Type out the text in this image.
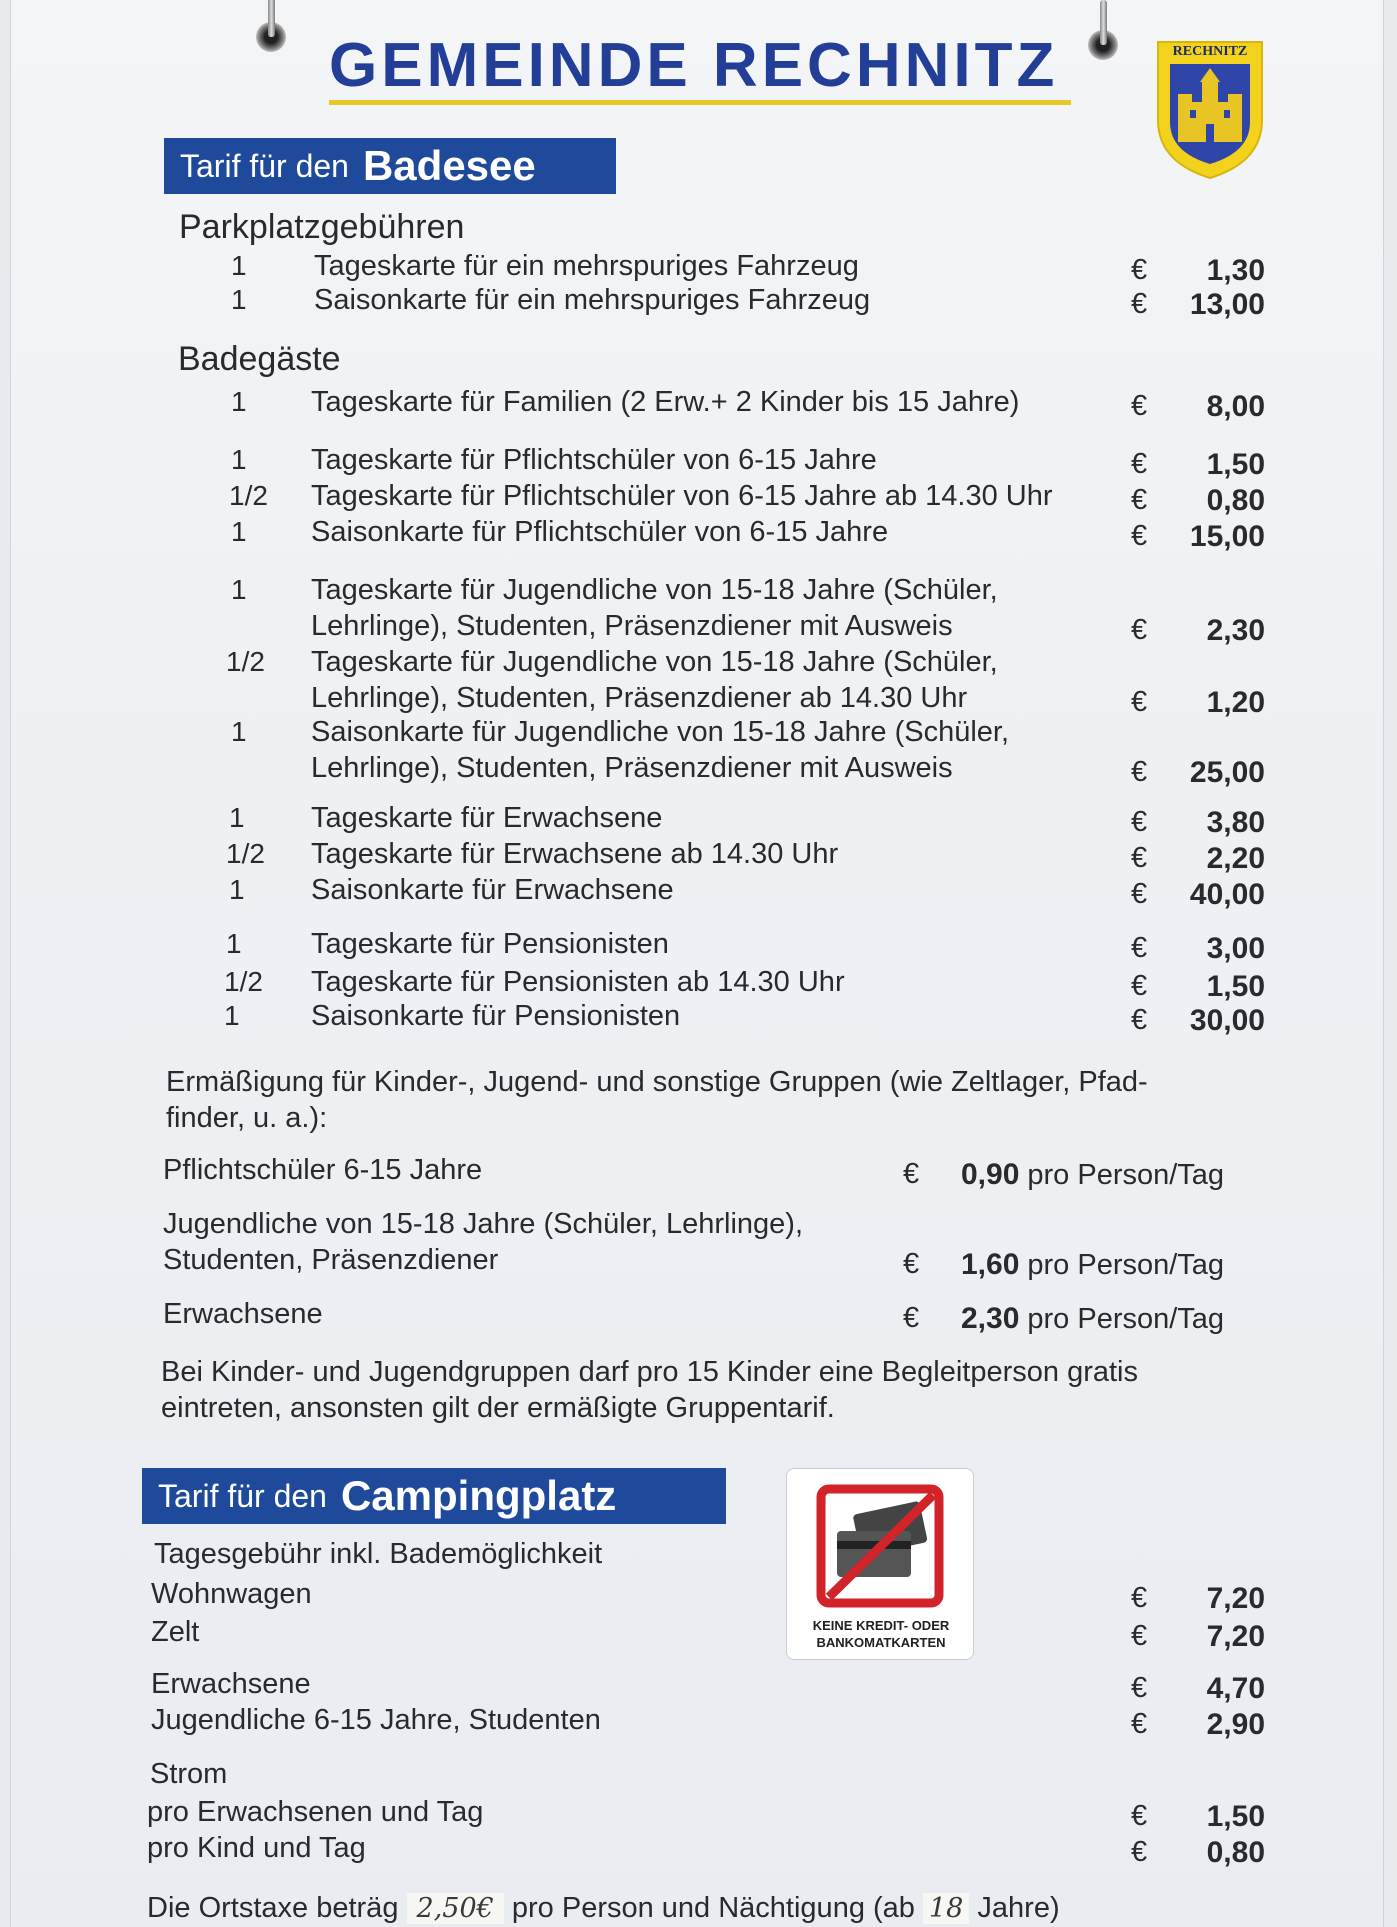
GEMEINDE RECHNITZ	RECHNITZ
Tarif für den Badesee
Parkplatzgebühren
1	Tageskarte für ein mehrspuriges Fahrzeug	€	1,30
1	Saisonkarte für ein mehrspuriges Fahrzeug	€	13,00
Badegäste
1	Tageskarte für Familien (2 Erw.+ 2 Kinder bis 15 Jahre)	€	8,00
1	Tageskarte für Pflichtschüler von 6-15 Jahre	€	1,50
1/2	Tageskarte für Pflichtschüler von 6-15 Jahre ab 14.30 Uhr	€	0,80
1	Saisonkarte für Pflichtschüler von 6-15 Jahre	€	15,00
1	Tageskarte für Jugendliche von 15-18 Jahre (Schüler,
Lehrlinge), Studenten, Präsenzdiener mit Ausweis	€	2,30
1/2	Tageskarte für Jugendliche von 15-18 Jahre (Schüler,
Lehrlinge), Studenten, Präsenzdiener ab 14.30 Uhr	€	1,20
1	Saisonkarte für Jugendliche von 15-18 Jahre (Schüler,
Lehrlinge), Studenten, Präsenzdiener mit Ausweis	€	25,00
1	Tageskarte für Erwachsene	€	3,80
1/2	Tageskarte für Erwachsene ab 14.30 Uhr	€	2,20
1	Saisonkarte für Erwachsene	€	40,00
1	Tageskarte für Pensionisten	€	3,00
1/2	Tageskarte für Pensionisten ab 14.30 Uhr	€	1,50
1	Saisonkarte für Pensionisten	€	30,00
Ermäßigung für Kinder-, Jugend- und sonstige Gruppen (wie Zeltlager, Pfad-
finder, u. a.):
Pflichtschüler 6-15 Jahre	€ 0,90 pro Person/Tag
Jugendliche von 15-18 Jahre (Schüler, Lehrlinge),
Studenten, Präsenzdiener	€ 1,60 pro Person/Tag
Erwachsene	€ 2,30 pro Person/Tag
Bei Kinder- und Jugendgruppen darf pro 15 Kinder eine Begleitperson gratis
eintreten, ansonsten gilt der ermäßigte Gruppentarif.
Tarif für den Campingplatz
KEINE KREDIT- ODER
BANKOMATKARTEN
Tagesgebühr inkl. Bademöglichkeit
Wohnwagen	€	7,20
Zelt	€	7,20
Erwachsene	€	4,70
Jugendliche 6-15 Jahre, Studenten	€	2,90
Strom
pro Erwachsenen und Tag	€	1,50
pro Kind und Tag	€	0,80
Die Ortstaxe beträg 2,50€ pro Person und Nächtigung (ab 18 Jahre)
